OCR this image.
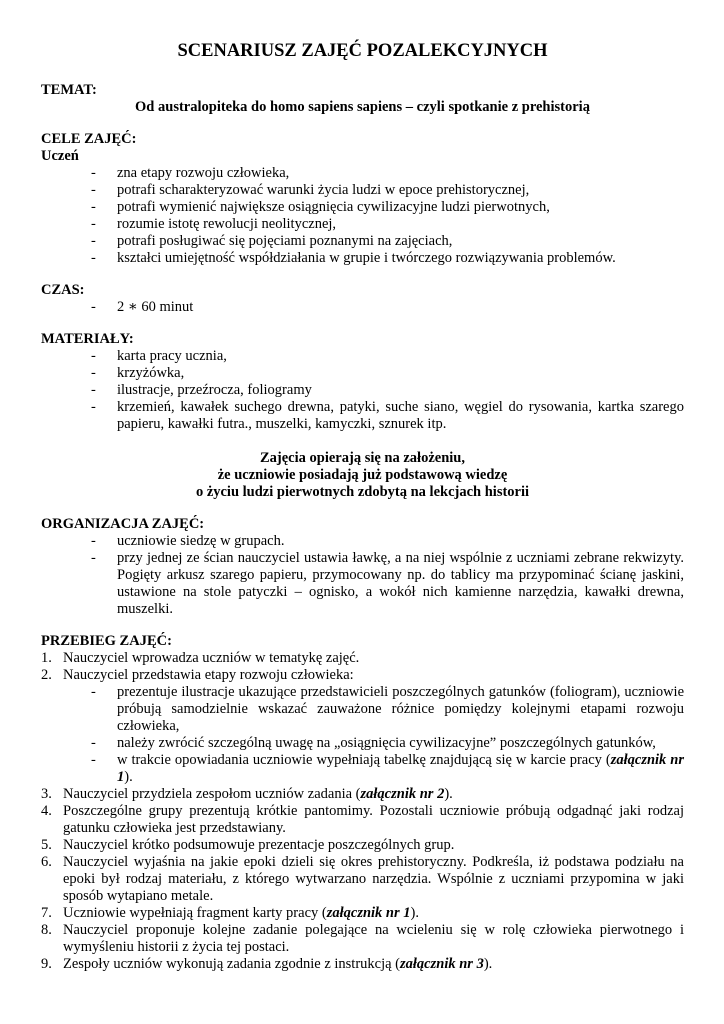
SCENARIUSZ ZAJĘĆ POZALEKCYJNYCH
TEMAT:
Od australopiteka do homo sapiens sapiens – czyli spotkanie z prehistorią
CELE ZAJĘĆ:
Uczeń
- zna etapy rozwoju człowieka,
- potrafi scharakteryzować warunki życia ludzi w epoce prehistorycznej,
- potrafi wymienić największe osiągnięcia cywilizacyjne ludzi pierwotnych,
- rozumie istotę rewolucji neolitycznej,
- potrafi posługiwać się pojęciami poznanymi na zajęciach,
- kształci umiejętność współdziałania w grupie i twórczego rozwiązywania problemów.
CZAS:
- 2 ∗ 60 minut
MATERIAŁY:
- karta pracy ucznia,
- krzyżówka,
- ilustracje, przeźrocza, foliogramy
- krzemień, kawałek suchego drewna, patyki, suche siano, węgiel do rysowania, kartka szarego papieru, kawałki futra., muszelki, kamyczki, sznurek itp.
Zajęcia opierają się na założeniu,
że uczniowie posiadają już podstawową wiedzę
o życiu ludzi pierwotnych zdobytą na lekcjach historii
ORGANIZACJA ZAJĘĆ:
- uczniowie siedzę w grupach.
- przy jednej ze ścian nauczyciel ustawia ławkę, a na niej wspólnie z uczniami zebrane rekwizyty. Pogięty arkusz szarego papieru, przymocowany np. do tablicy ma przypominać ścianę jaskini, ustawione na stole patyczki – ognisko, a wokół nich kamienne narzędzia, kawałki drewna, muszelki.
PRZEBIEG ZAJĘĆ:
1. Nauczyciel wprowadza uczniów w tematykę zajęć.
2. Nauczyciel przedstawia etapy rozwoju człowieka:
- prezentuje ilustracje ukazujące przedstawicieli poszczególnych gatunków (foliogram), uczniowie próbują samodzielnie wskazać zauważone różnice pomiędzy kolejnymi etapami rozwoju człowieka,
- należy zwrócić szczególną uwagę na „osiągnięcia cywilizacyjne” poszczególnych gatunków,
- w trakcie opowiadania uczniowie wypełniają tabelkę znajdującą się w karcie pracy (załącznik nr 1).
3. Nauczyciel przydziela zespołom uczniów zadania (załącznik nr 2).
4. Poszczególne grupy prezentują krótkie pantomimy. Pozostali uczniowie próbują odgadnąć jaki rodzaj gatunku człowieka jest przedstawiany.
5. Nauczyciel krótko podsumowuje prezentacje poszczególnych grup.
6. Nauczyciel wyjaśnia na jakie epoki dzieli się okres prehistoryczny. Podkreśla, iż podstawa podziału na epoki był rodzaj materiału, z którego wytwarzano narzędzia. Wspólnie z uczniami przypomina w jaki sposób wytapiano metale.
7. Uczniowie wypełniają fragment karty pracy (załącznik nr 1).
8. Nauczyciel proponuje kolejne zadanie polegające na wcieleniu się w rolę człowieka pierwotnego i wymyśleniu historii z życia tej postaci.
9. Zespoły uczniów wykonują zadania zgodnie z instrukcją (załącznik nr 3).
